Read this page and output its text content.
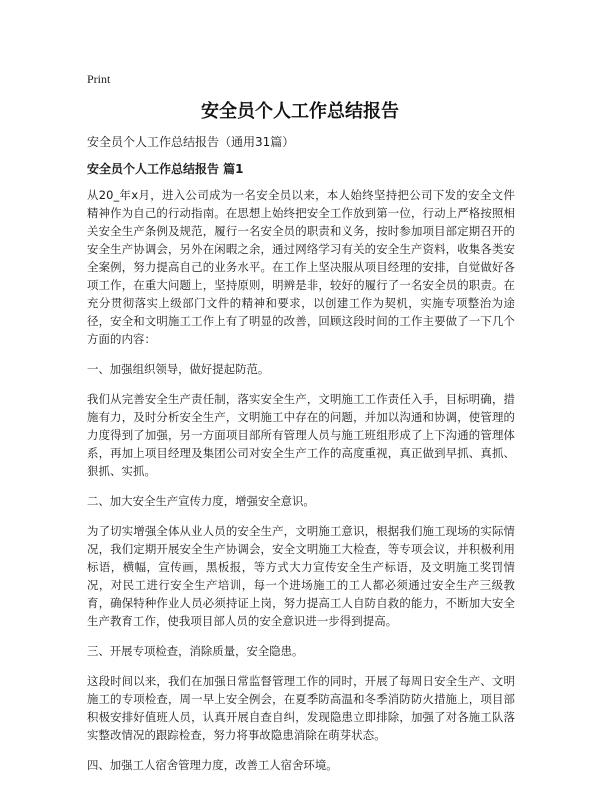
Print
安全员个人工作总结报告
安全员个人工作总结报告（通用31篇）
安全员个人工作总结报告 篇1

从20_年x月，进入公司成为一名安全员以来，本人始终坚持把公司下发的安全文件精神作为自己的行动指南。在思想上始终把安全工作放到第一位，行动上严格按照相关安全生产条例及规范，履行一名安全员的职责和义务，按时参加项目部定期召开的安全生产协调会，另外在闲暇之余，通过网络学习有关的安全生产资料，收集各类安全案例，努力提高自己的业务水平。在工作上坚决服从项目经理的安排，自觉做好各项工作，在重大问题上，坚持原则，明辨是非，较好的履行了一名安全员的职责。在充分贯彻落实上级部门文件的精神和要求，以创建工作为契机，实施专项整治为途径，安全和文明施工工作上有了明显的改善，回顾这段时间的工作主要做了一下几个方面的内容：

一、加强组织领导，做好提起防范。

我们从完善安全生产责任制，落实安全生产，文明施工工作责任入手，目标明确，措施有力，及时分析安全生产，文明施工中存在的问题，并加以沟通和协调，使管理的力度得到了加强，另一方面项目部所有管理人员与施工班组形成了上下沟通的管理体系，再加上项目经理及集团公司对安全生产工作的高度重视，真正做到早抓、真抓、狠抓、实抓。

二、加大安全生产宣传力度，增强安全意识。

为了切实增强全体从业人员的安全生产，文明施工意识，根据我们施工现场的实际情况，我们定期开展安全生产协调会，安全文明施工大检查，等专项会议，并积极利用标语，横幅，宣传画，黑板报，等方式大力宣传安全生产标语，及文明施工奖罚情况，对民工进行安全生产培训，每一个进场施工的工人都必须通过安全生产三级教育，确保特种作业人员必须持证上岗，努力提高工人自防自救的能力，不断加大安全生产教育工作，使我项目部人员的安全意识进一步得到提高。

三、开展专项检查，消除质量，安全隐患。

这段时间以来，我们在加强日常监督管理工作的同时，开展了每周日安全生产、文明施工的专项检查，周一早上安全例会，在夏季防高温和冬季消防防火措施上，项目部积极安排好值班人员，认真开展自查自纠，发现隐患立即排除，加强了对各施工队落实整改情况的跟踪检查，努力将事故隐患消除在萌芽状态。

四、加强工人宿舍管理力度，改善工人宿舍环境。
